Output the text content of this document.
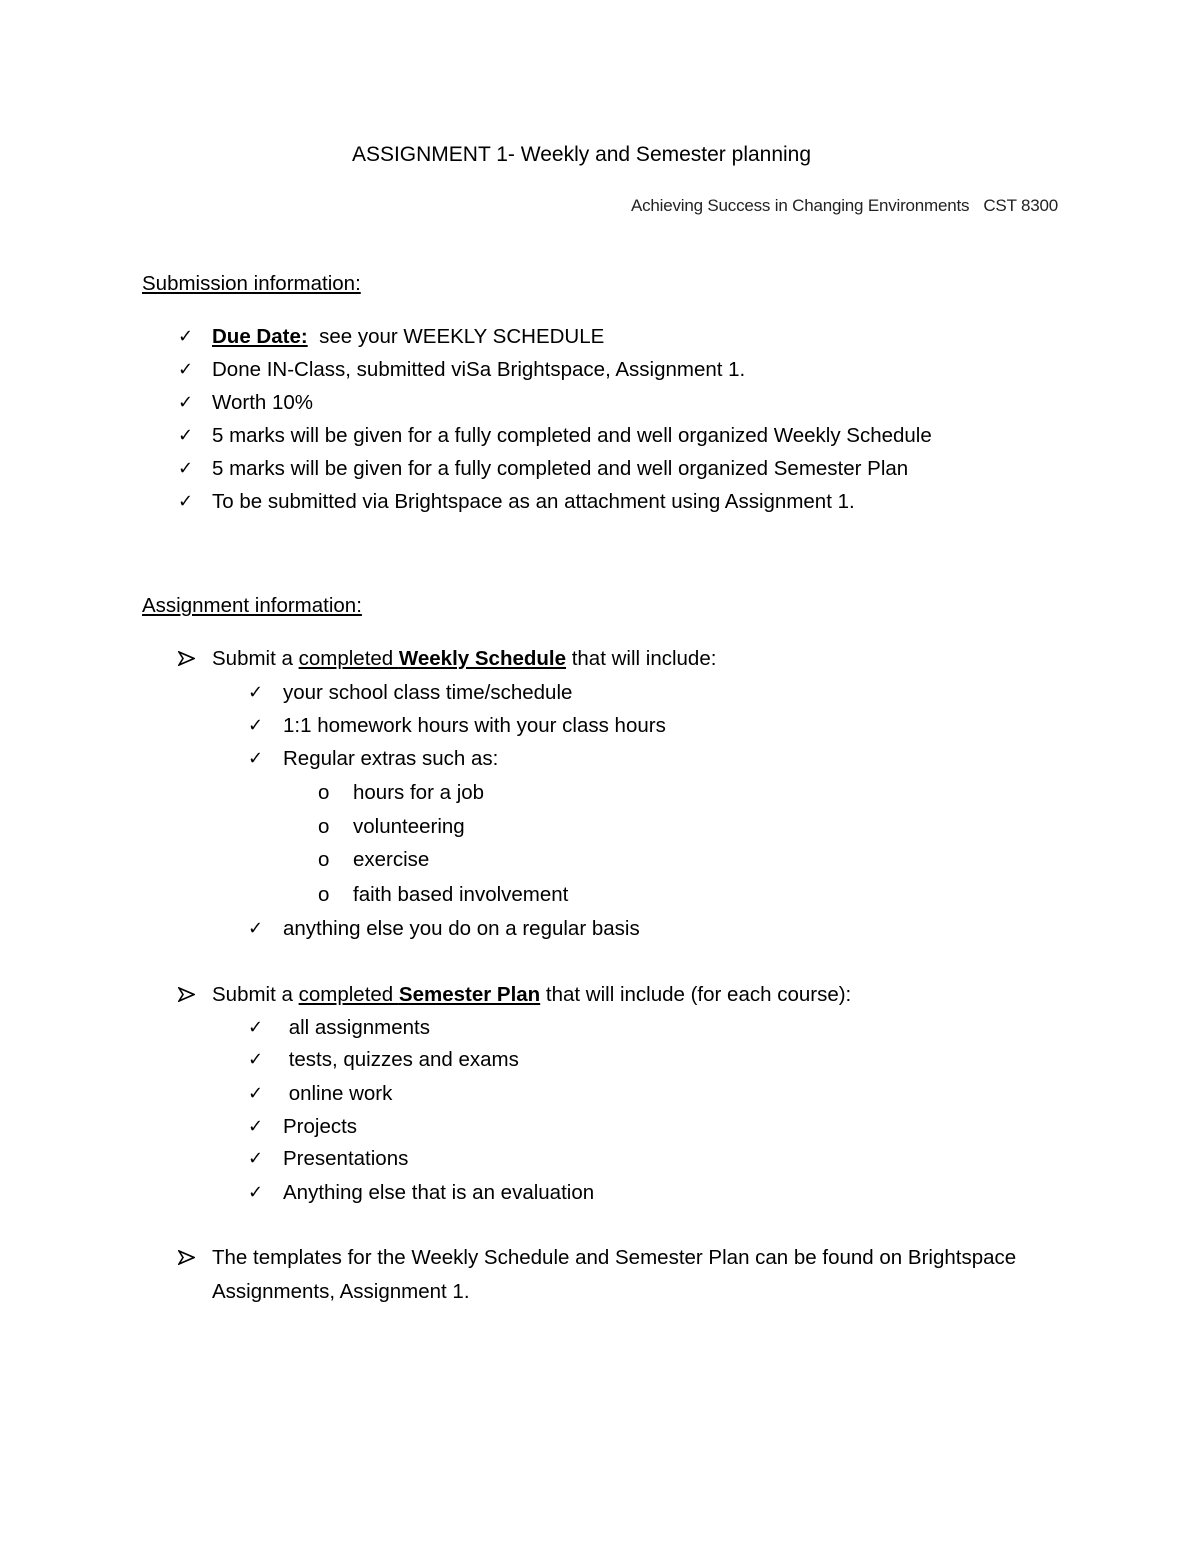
ASSIGNMENT 1- Weekly and Semester planning
Achieving Success in Changing Environments CST 8300
Submission information:
✓ Due Date: see your WEEKLY SCHEDULE
✓ Done IN-Class, submitted viSa Brightspace, Assignment 1.
✓ Worth 10%
✓ 5 marks will be given for a fully completed and well organized Weekly Schedule
✓ 5 marks will be given for a fully completed and well organized Semester Plan
✓ To be submitted via Brightspace as an attachment using Assignment 1.
Assignment information:
Submit a completed Weekly Schedule that will include:
✓ your school class time/schedule
✓ 1:1 homework hours with your class hours
✓ Regular extras such as:
o hours for a job
o volunteering
o exercise
o faith based involvement
✓ anything else you do on a regular basis
Submit a completed Semester Plan that will include (for each course):
✓ all assignments
✓ tests, quizzes and exams
✓ online work
✓ Projects
✓ Presentations
✓ Anything else that is an evaluation
The templates for the Weekly Schedule and Semester Plan can be found on Brightspace
Assignments, Assignment 1.
